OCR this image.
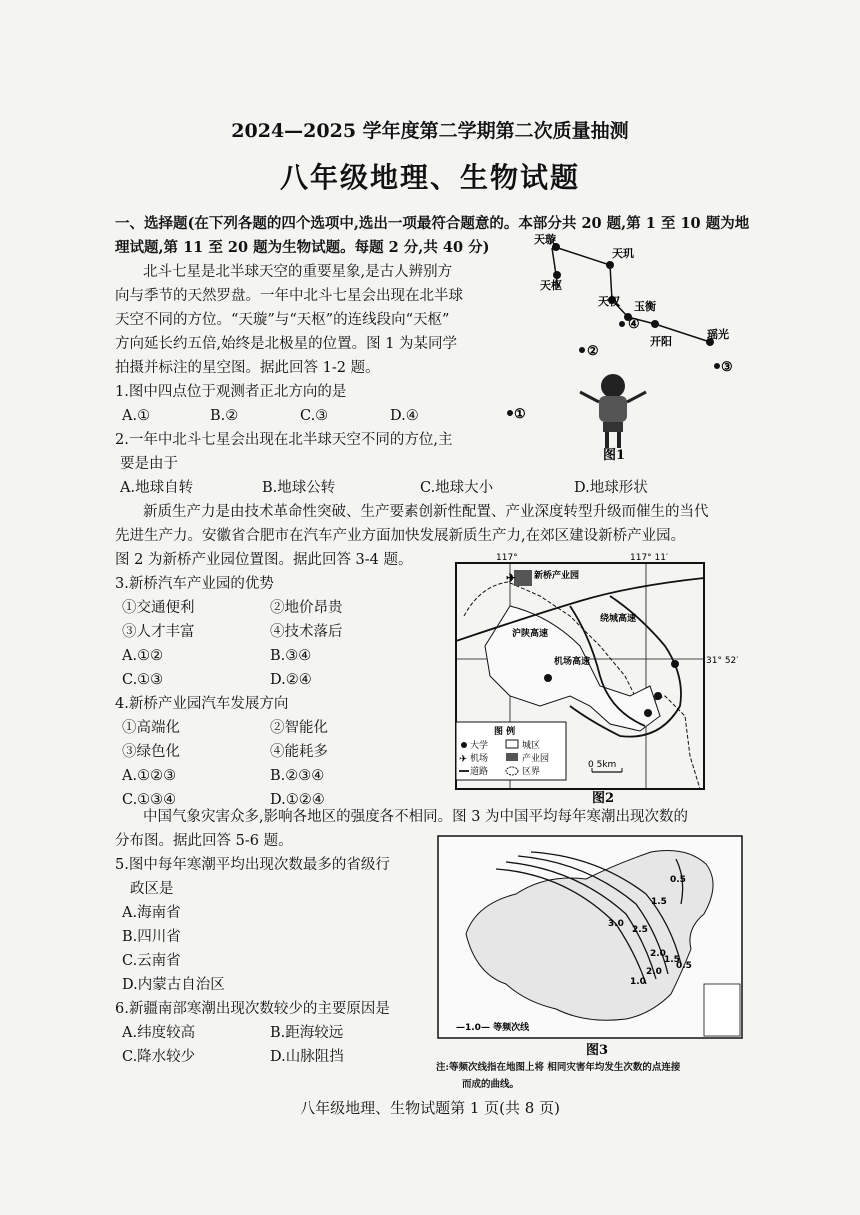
2024—2025 学年度第二学期第二次质量抽测
八年级地理、生物试题
一、选择题(在下列各题的四个选项中,选出一项最符合题意的。本部分共 20 题,第 1 至 10 题为地
理试题,第 11 至 20 题为生物试题。每题 2 分,共 40 分)
北斗七星是北半球天空的重要星象,是古人辨别方
向与季节的天然罗盘。一年中北斗七星会出现在北半球
天空不同的方位。“天璇”与“天枢”的连线段向“天枢”
方向延长约五倍,始终是北极星的位置。图 1 为某同学
拍摄并标注的星空图。据此回答 1-2 题。
1.图中四点位于观测者正北方向的是
A.①	B.②	C.③	D.④
2.一年中北斗七星会出现在北半球天空不同的方位,主
要是由于
A.地球自转	B.地球公转	C.地球大小	D.地球形状
天璇
天玑
天枢
天权 玉衡
开阳
瑶光
④
②
③
①
图1
新质生产力是由技术革命性突破、生产要素创新性配置、产业深度转型升级而催生的当代
先进生产力。安徽省合肥市在汽车产业方面加快发展新质生产力,在郊区建设新桥产业园。
图 2 为新桥产业园位置图。据此回答 3-4 题。
3.新桥汽车产业园的优势
①交通便利	②地价昂贵
③人才丰富	④技术落后
A.①②	B.③④
C.①③	D.②④
4.新桥产业园汽车发展方向
①高端化	②智能化
③绿色化	④能耗多
A.①②③	B.②③④
C.①③④	D.①②④
117°	117° 11′
31° 52′
新桥产业园
✈
沪陕高速
机场高速
绕城高速
图 例
大学	城区
✈ 机场	产业园
道路	区界
0 5km
图2
中国气象灾害众多,影响各地区的强度各不相同。图 3 为中国平均每年寒潮出现次数的
分布图。据此回答 5-6 题。
5.图中每年寒潮平均出现次数最多的省级行
政区是
A.海南省
B.四川省
C.云南省
D.内蒙古自治区
6.新疆南部寒潮出现次数较少的主要原因是
A.纬度较高	B.距海较远
C.降水较少	D.山脉阻挡
0.5
1.5
3.0
2.5
2.0
1.0
1.5
2.0
0.5
—1.0— 等频次线
图3
注:等频次线指在地图上将 相同灾害年均发生次数的点连接
而成的曲线。
八年级地理、生物试题第 1 页(共 8 页)
